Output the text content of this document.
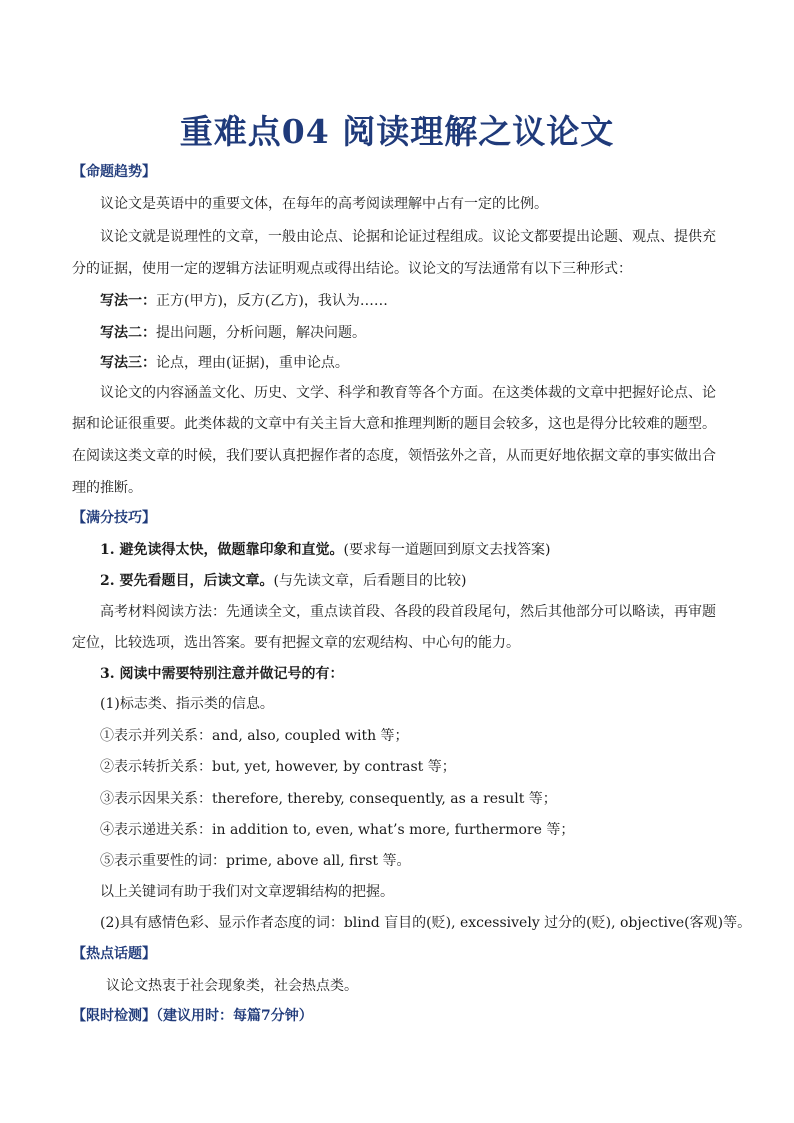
重难点04 阅读理解之议论文
【命题趋势】
议论文是英语中的重要文体，在每年的高考阅读理解中占有一定的比例。
议论文就是说理性的文章，一般由论点、论据和论证过程组成。议论文都要提出论题、观点、提供充
分的证据，使用一定的逻辑方法证明观点或得出结论。议论文的写法通常有以下三种形式：
写法一：正方(甲方)，反方(乙方)，我认为……
写法二：提出问题，分析问题，解决问题。
写法三：论点，理由(证据)，重申论点。
议论文的内容涵盖文化、历史、文学、科学和教育等各个方面。在这类体裁的文章中把握好论点、论
据和论证很重要。此类体裁的文章中有关主旨大意和推理判断的题目会较多，这也是得分比较难的题型。
在阅读这类文章的时候，我们要认真把握作者的态度，领悟弦外之音，从而更好地依据文章的事实做出合
理的推断。
【满分技巧】
1. 避免读得太快，做题靠印象和直觉。(要求每一道题回到原文去找答案)
2. 要先看题目，后读文章。(与先读文章，后看题目的比较)
高考材料阅读方法：先通读全文，重点读首段、各段的段首段尾句，然后其他部分可以略读，再审题
定位，比较选项，选出答案。要有把握文章的宏观结构、中心句的能力。
3. 阅读中需要特别注意并做记号的有：
(1)标志类、指示类的信息。
①表示并列关系：and, also, coupled with 等；
②表示转折关系：but, yet, however, by contrast 等；
③表示因果关系：therefore, thereby, consequently, as a result 等；
④表示递进关系：in addition to, even, what’s more, furthermore 等；
⑤表示重要性的词：prime, above all, first 等。
以上关键词有助于我们对文章逻辑结构的把握。
(2)具有感情色彩、显示作者态度的词：blind 盲目的(贬), excessively 过分的(贬), objective(客观)等。
【热点话题】
议论文热衷于社会现象类，社会热点类。
【限时检测】（建议用时：每篇7分钟）
